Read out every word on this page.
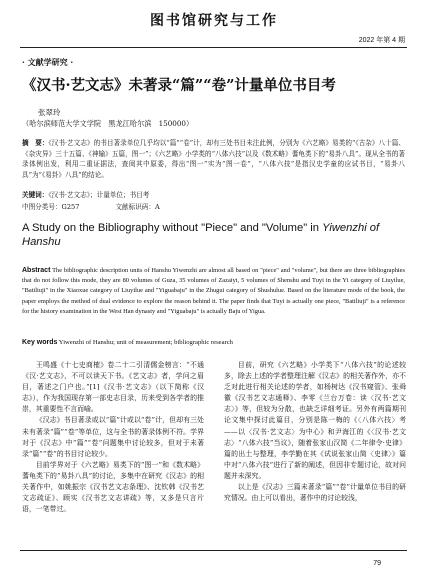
图书馆研究与工作
2022 年第 4 期
· 文献学研究 ·
《汉书·艺文志》未著录“篇”“卷”计量单位书目考
张翠玲
（哈尔滨师范大学文学院　黑龙江哈尔滨　150000）
摘　要：《汉书·艺文志》的书目著录单位几乎均以“篇”“卷”计，却有三处书目未注此例，分别为《六艺略》易类的“《古杂》八十篇、《杂灾异》三十五篇、《神输》五篇，图一”；《六艺略》小学类的“八体六技”以及《数术略》蓍龟类下的“易卦八具”。现从全书的著录体例出发，利用二重证据法，查阅其中原委，得出“图一”实为“图一卷”，“八体六技”是指汉史学童的应试书目，“易卦八具”为“《易卦》八具”的结论。
关键词：《汉书·艺文志》；计量单位；书目考
中图分类号：G257	文献标识码：A
A Study on the Bibliography without "Piece" and "Volume" in Yiwenzhi of Hanshu
Abstract The bibliographic description units of Hanshu Yiwenzhi are almost all based on "piece" and "volume", but there are three bibliographies that do not follow this mode, they are 80 volumes of Guza, 35 volumes of Zazaiyi, 5 volumes of Shenshu and Tuyi in the Yi category of Liuyilue, "Batiliuji" in the Xiaoxue category of Liuyilue and "Yiguabaju" in the Zhugui category of Shushulue. Based on the literature mode of the book, the paper employs the method of dual evidence to explore the reason behind it. The paper finds that Tuyi is actually one piece, "Batiliuji" is a reference for the history examination in the West Han dynasty and "Yiguabaju" is actually Baju of Yigua.
Key words Yiwenzhi of Hanshu; unit of measurement; bibliographic research

王鸣盛《十七史商榷》卷二十二引清儒金榜言：“不通《汉·艺文志》，不可以读天下书。《艺文志》者，学问之眉目，著述之门户也。”[1]《汉书·艺文志》（以下简称《汉志》），作为我国现存第一部史志目录，历来受到各学者的推崇，其重要性不言而喻。

《汉志》书目著录或以“篇”计或以“卷”计，但却有三处未有著录“篇”“卷”等单位，这与全书的著录体例不符。学界对于《汉志》中“篇”“卷”问题集中讨论较多，但对于未著录“篇”“卷”的书目讨论较少。

目前学界对于《六艺略》易类下的“图一”和《数术略》蓍龟类下的“易卦八具”的讨论，多集中在研究《汉志》的相关著作中，如姚振宗《汉书艺文志条理》、沈钦韩《汉书艺文志疏证》、顾实《汉书艺文志讲疏》等，又多是只言片语，一笔带过。

目前，研究《六艺略》小学类下“八体六技”的论述较多，除去上述的学者整理注解《汉志》的相关著作外，亦不乏对此进行相关论述的学者，如杨树达《汉书窥管》、张舜徽《汉书艺文志通释》、李零《兰台万卷：读〈汉书·艺文志〉》等，但较为分散，也缺乏详细考证。另外有两篇期刊论文集中探讨此篇目，分别是陈一梅的《〈八体六技〉考——以〈汉书·艺文志〉为中心》和尹海江的《〈汉书·艺文志〉“八体六技”当议》，随着张家山汉简《二年律令·史律》篇的出土与整理，李学勤在其《试说张家山简〈史律〉》篇中对“八体六技”进行了新的阐述，但因非专题讨论，故对问题并未深究。

以上是《汉志》三篇未著录“篇”“卷”计量单位书目的研究情况。由上可以看出，著作中的讨论较浅，

79
